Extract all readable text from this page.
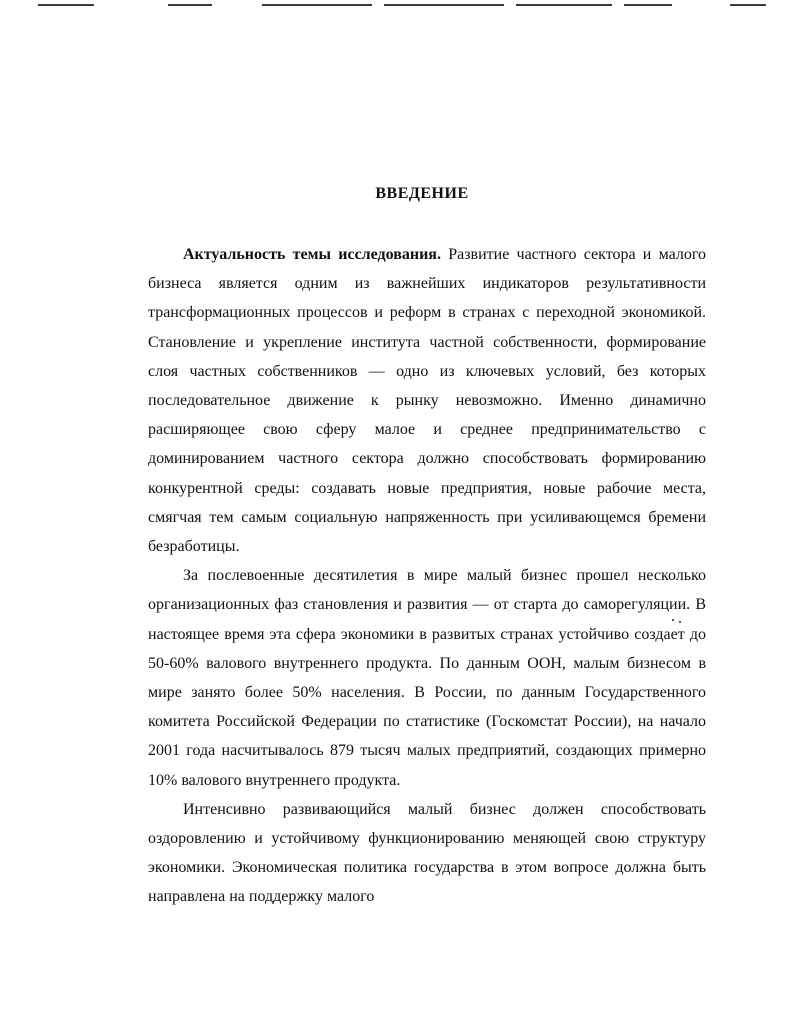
ВВЕДЕНИЕ

Актуальность темы исследования. Развитие частного сектора и малого бизнеса является одним из важнейших индикаторов результативности трансформационных процессов и реформ в странах с переходной экономикой. Становление и укрепление института частной собственности, формирование слоя частных собственников — одно из ключевых условий, без которых последовательное движение к рынку невозможно. Именно динамично расширяющее свою сферу малое и среднее предпринимательство с доминированием частного сектора должно способствовать формированию конкурентной среды: создавать новые предприятия, новые рабочие места, смягчая тем самым социальную напряженность при усиливающемся бремени безработицы.

За послевоенные десятилетия в мире малый бизнес прошел несколько организационных фаз становления и развития — от старта до саморегуляции. В настоящее время эта сфера экономики в развитых странах устойчиво создает до 50-60% валового внутреннего продукта. По данным ООН, малым бизнесом в мире занято более 50% населения. В России, по данным Государственного комитета Российской Федерации по статистике (Госкомстат России), на начало 2001 года насчитывалось 879 тысяч малых предприятий, создающих примерно 10% валового внутреннего продукта.

Интенсивно развивающийся малый бизнес должен способствовать оздоровлению и устойчивому функционированию меняющей свою структуру экономики. Экономическая политика государства в этом вопросе должна быть направлена на поддержку малого
